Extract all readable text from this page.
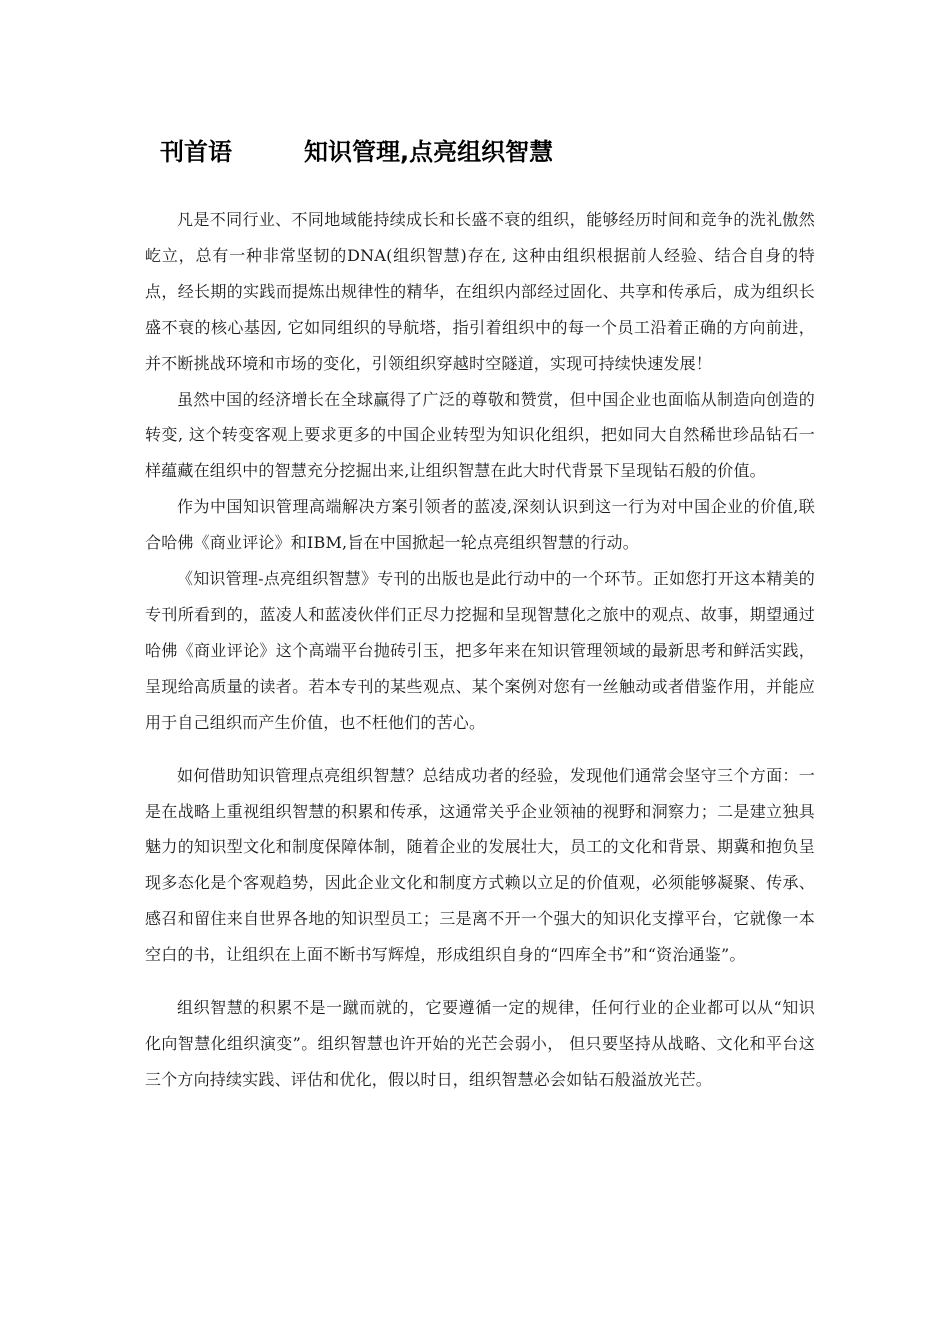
刊首语	知识管理,点亮组织智慧

凡是不同行业、不同地域能持续成长和长盛不衰的组织，能够经历时间和竞争的洗礼傲然屹立，总有一种非常坚韧的DNA(组织智慧)存在, 这种由组织根据前人经验、结合自身的特点，经长期的实践而提炼出规律性的精华，在组织内部经过固化、共享和传承后，成为组织长盛不衰的核心基因, 它如同组织的导航塔，指引着组织中的每一个员工沿着正确的方向前进，并不断挑战环境和市场的变化，引领组织穿越时空隧道，实现可持续快速发展！

虽然中国的经济增长在全球赢得了广泛的尊敬和赞赏，但中国企业也面临从制造向创造的转变, 这个转变客观上要求更多的中国企业转型为知识化组织，把如同大自然稀世珍品钻石一样蕴藏在组织中的智慧充分挖掘出来,让组织智慧在此大时代背景下呈现钻石般的价值。

作为中国知识管理高端解决方案引领者的蓝凌,深刻认识到这一行为对中国企业的价值,联合哈佛《商业评论》和IBM,旨在中国掀起一轮点亮组织智慧的行动。

《知识管理-点亮组织智慧》专刊的出版也是此行动中的一个环节。正如您打开这本精美的专刊所看到的，蓝凌人和蓝凌伙伴们正尽力挖掘和呈现智慧化之旅中的观点、故事，期望通过哈佛《商业评论》这个高端平台抛砖引玉，把多年来在知识管理领域的最新思考和鲜活实践，呈现给高质量的读者。若本专刊的某些观点、某个案例对您有一丝触动或者借鉴作用，并能应用于自己组织而产生价值，也不枉他们的苦心。

如何借助知识管理点亮组织智慧？总结成功者的经验，发现他们通常会坚守三个方面：一是在战略上重视组织智慧的积累和传承，这通常关乎企业领袖的视野和洞察力；二是建立独具魅力的知识型文化和制度保障体制，随着企业的发展壮大，员工的文化和背景、期冀和抱负呈现多态化是个客观趋势，因此企业文化和制度方式赖以立足的价值观，必须能够凝聚、传承、感召和留住来自世界各地的知识型员工；三是离不开一个强大的知识化支撑平台，它就像一本空白的书，让组织在上面不断书写辉煌，形成组织自身的“四库全书”和“资治通鉴”。

组织智慧的积累不是一蹴而就的，它要遵循一定的规律，任何行业的企业都可以从“知识化向智慧化组织演变”。组织智慧也许开始的光芒会弱小， 但只要坚持从战略、文化和平台这三个方向持续实践、评估和优化，假以时日，组织智慧必会如钻石般溢放光芒。
